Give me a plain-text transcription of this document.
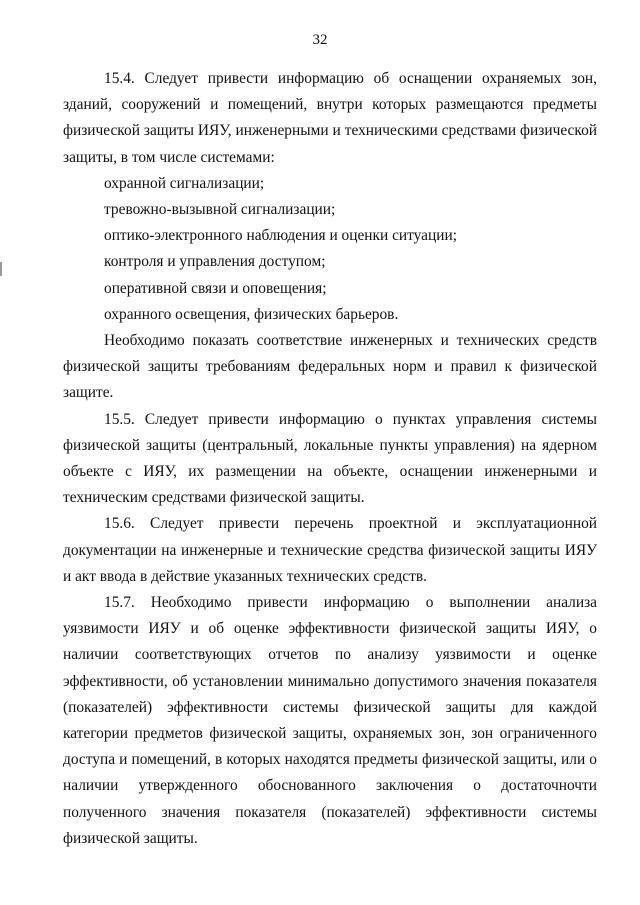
32

15.4. Следует привести информацию об оснащении охраняемых зон, зданий, сооружений и помещений, внутри которых размещаются предметы физической защиты ИЯУ, инженерными и техническими средствами физической защиты, в том числе системами:

охранной сигнализации;

тревожно-вызывной сигнализации;

оптико-электронного наблюдения и оценки ситуации;

контроля и управления доступом;

оперативной связи и оповещения;

охранного освещения, физических барьеров.

Необходимо показать соответствие инженерных и технических средств физической защиты требованиям федеральных норм и правил к физической защите.

15.5. Следует привести информацию о пунктах управления системы физической защиты (центральный, локальные пункты управления) на ядерном объекте с ИЯУ, их размещении на объекте, оснащении инженерными и техническим средствами физической защиты.

15.6. Следует привести перечень проектной и эксплуатационной документации на инженерные и технические средства физической защиты ИЯУ и акт ввода в действие указанных технических средств.

15.7. Необходимо привести информацию о выполнении анализа уязвимости ИЯУ и об оценке эффективности физической защиты ИЯУ, о наличии соответствующих отчетов по анализу уязвимости и оценке эффективности, об установлении минимально допустимого значения показателя (показателей) эффективности системы физической защиты для каждой категории предметов физической защиты, охраняемых зон, зон ограниченного доступа и помещений, в которых находятся предметы физической защиты, или о наличии утвержденного обоснованного заключения о достаточночти полученного значения показателя (показателей) эффективности системы физической защиты.
